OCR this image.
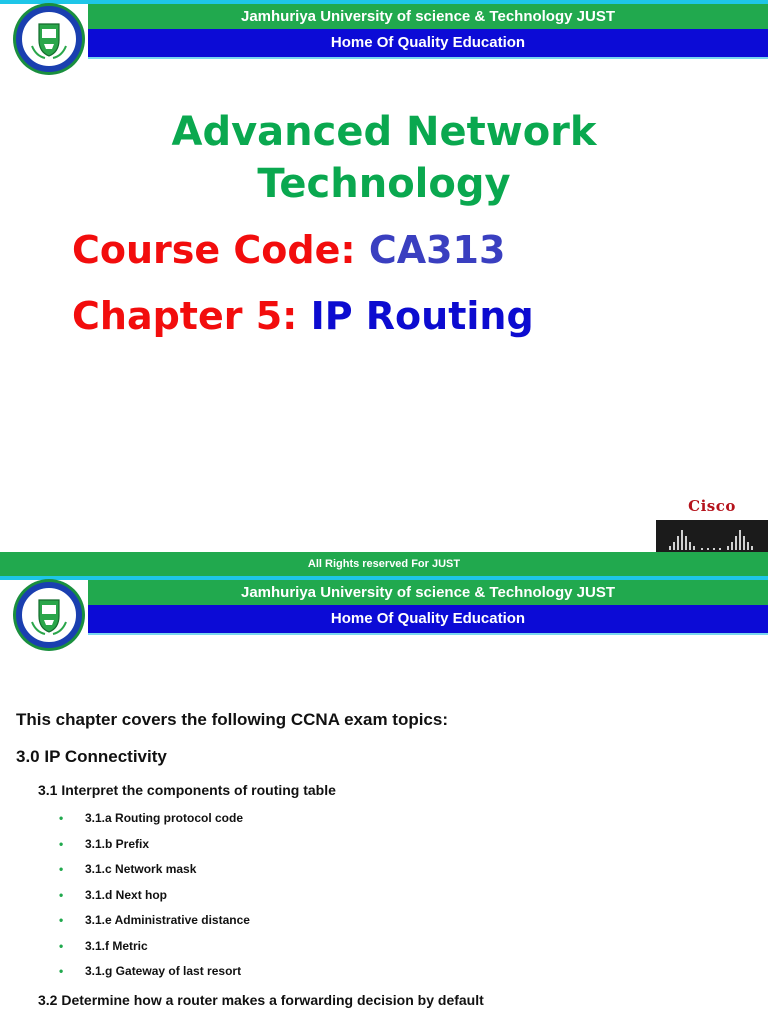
Jamhuriya University of science & Technology JUST
Home Of Quality Education
Advanced Network
Technology
Course Code: CA313
Chapter 5: IP Routing
Cisco
All Rights reserved For JUST
Jamhuriya University of science & Technology JUST
Home Of Quality Education
This chapter covers the following CCNA exam topics:
3.0 IP Connectivity
3.1 Interpret the components of routing table
• 3.1.a Routing protocol code
• 3.1.b Prefix
• 3.1.c Network mask
• 3.1.d Next hop
• 3.1.e Administrative distance
• 3.1.f Metric
• 3.1.g Gateway of last resort
3.2 Determine how a router makes a forwarding decision by default
